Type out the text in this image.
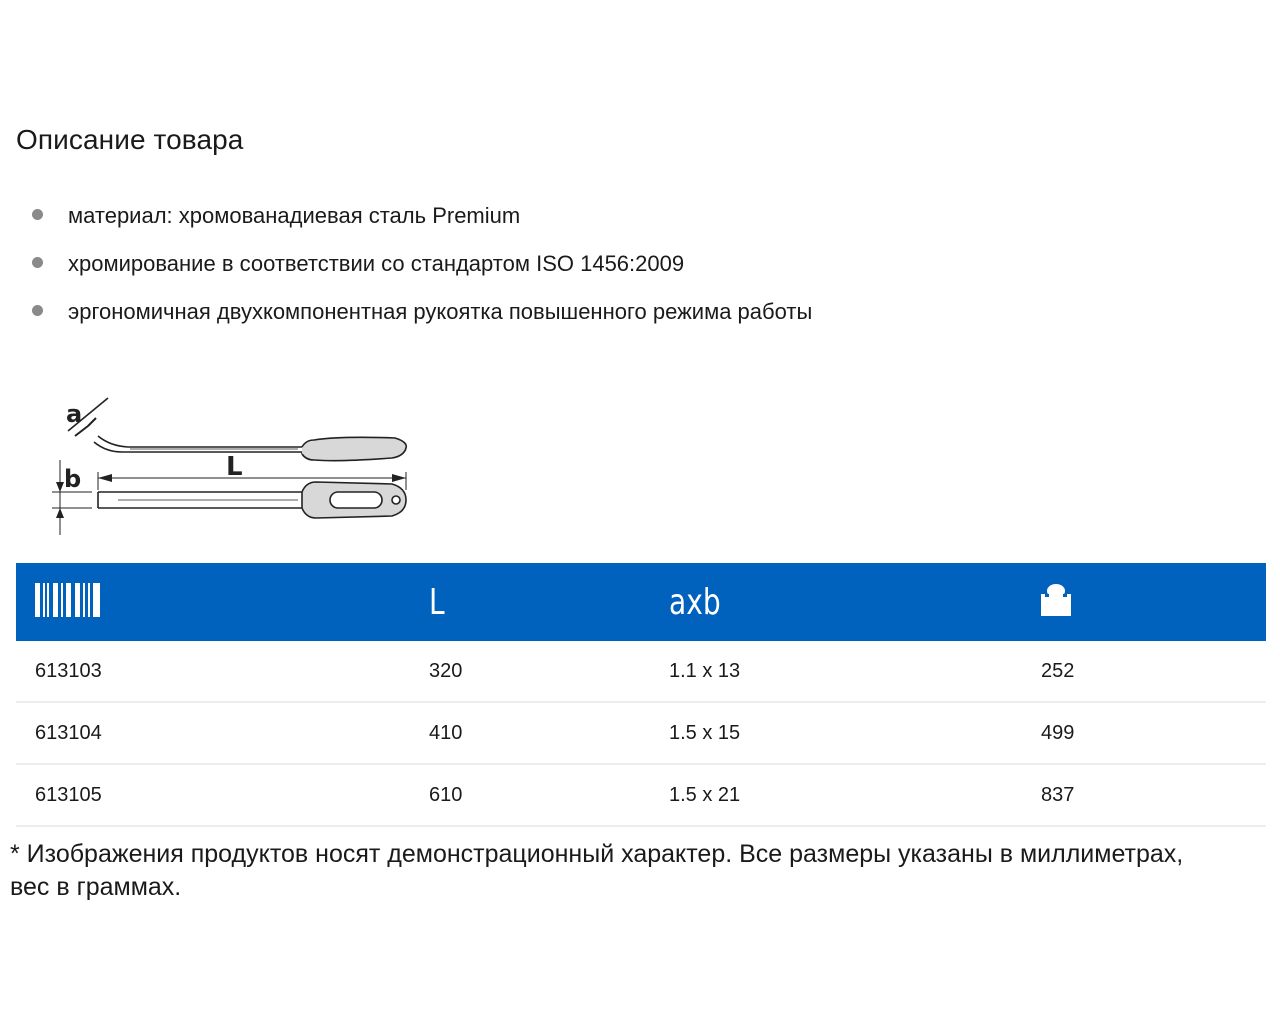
Описание товара
материал: хромованадиевая сталь Premium
хромирование в соответствии со стандартом ISO 1456:2009
эргономичная двухкомпонентная рукоятка повышенного режима работы
a
b	L
	L	axb	
613103	320	1.1 x 13	252
613104	410	1.5 x 15	499
613105	610	1.5 x 21	837
* Изображения продуктов носят демонстрационный характер. Все размеры указаны в миллиметрах, вес в граммах.
